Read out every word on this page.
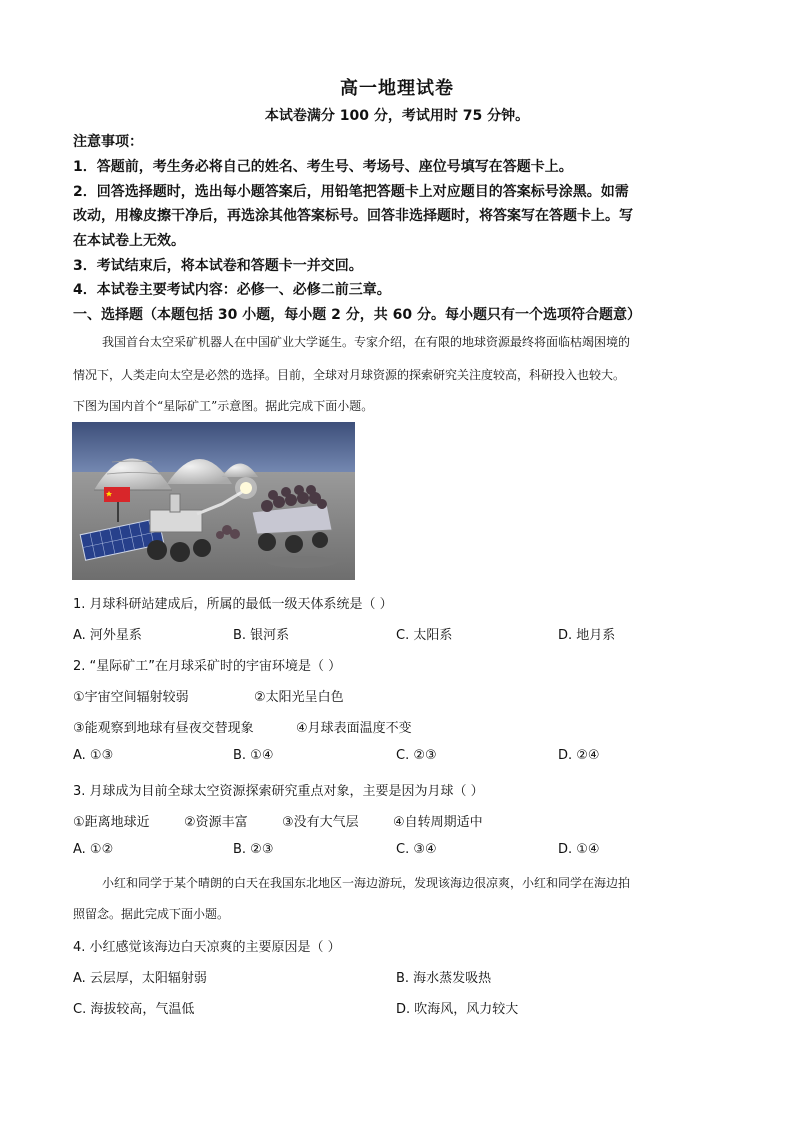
高一地理试卷
本试卷满分 100 分，考试用时 75 分钟。
注意事项：
1．答题前，考生务必将自己的姓名、考生号、考场号、座位号填写在答题卡上。
2．回答选择题时，选出每小题答案后，用铅笔把答题卡上对应题目的答案标号涂黑。如需
改动，用橡皮擦干净后，再选涂其他答案标号。回答非选择题时，将答案写在答题卡上。写
在本试卷上无效。
3．考试结束后，将本试卷和答题卡一并交回。
4．本试卷主要考试内容：必修一、必修二前三章。
一、选择题（本题包括 30 小题，每小题 2 分，共 60 分。每小题只有一个选项符合题意）
我国首台太空采矿机器人在中国矿业大学诞生。专家介绍，在有限的地球资源最终将面临枯竭困境的
情况下，人类走向太空是必然的选择。目前，全球对月球资源的探索研究关注度较高，科研投入也较大。
下图为国内首个“星际矿工”示意图。据此完成下面小题。
1. 月球科研站建成后，所属的最低一级天体系统是（ ）
A. 河外星系	B. 银河系	C. 太阳系	D. 地月系
2. “星际矿工”在月球采矿时的宇宙环境是（ ）
①宇宙空间辐射较弱	②太阳光呈白色
③能观察到地球有昼夜交替现象	④月球表面温度不变
A. ①③	B. ①④	C. ②③	D. ②④
3. 月球成为目前全球太空资源探索研究重点对象，主要是因为月球（ ）
①距离地球近	②资源丰富	③没有大气层	④自转周期适中
A. ①②	B. ②③	C. ③④	D. ①④
小红和同学于某个晴朗的白天在我国东北地区一海边游玩，发现该海边很凉爽，小红和同学在海边拍
照留念。据此完成下面小题。
4. 小红感觉该海边白天凉爽的主要原因是（ ）
A. 云层厚，太阳辐射弱	B. 海水蒸发吸热
C. 海拔较高，气温低	D. 吹海风，风力较大
